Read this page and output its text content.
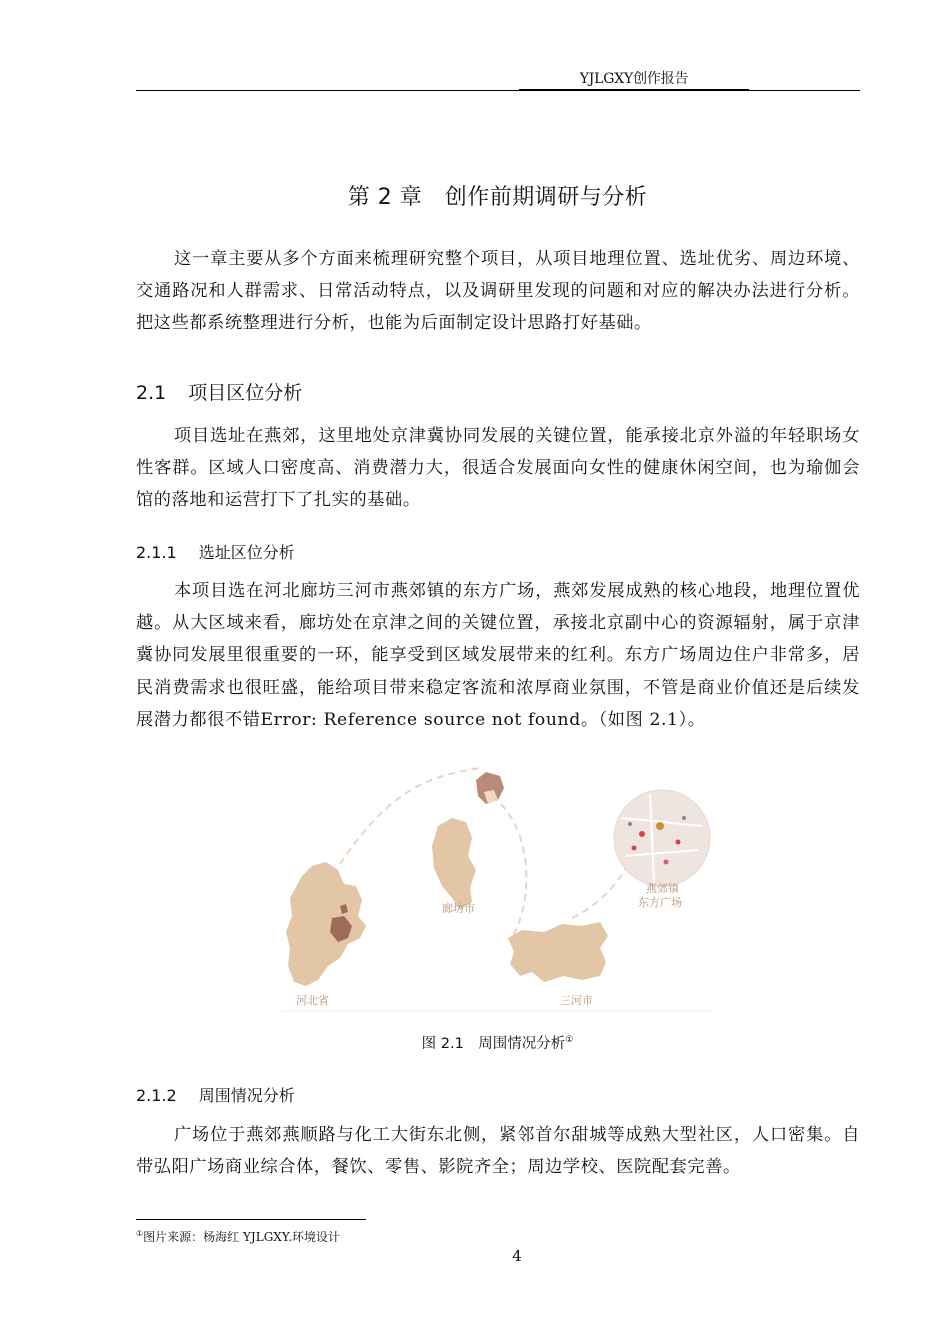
YJLGXY创作报告
第 2 章　创作前期调研与分析

这一章主要从多个方面来梳理研究整个项目，从项目地理位置、选址优劣、周边环境、交通路况和人群需求、日常活动特点，以及调研里发现的问题和对应的解决办法进行分析。把这些都系统整理进行分析，也能为后面制定设计思路打好基础。

2.1 项目区位分析

项目选址在燕郊，这里地处京津冀协同发展的关键位置，能承接北京外溢的年轻职场女性客群。区域人口密度高、消费潜力大，很适合发展面向女性的健康休闲空间，也为瑜伽会馆的落地和运营打下了扎实的基础。

2.1.1 选址区位分析

本项目选在河北廊坊三河市燕郊镇的东方广场，燕郊发展成熟的核心地段，地理位置优越。从大区域来看，廊坊处在京津之间的关键位置，承接北京副中心的资源辐射，属于京津冀协同发展里很重要的一环，能享受到区域发展带来的红利。东方广场周边住户非常多，居民消费需求也很旺盛，能给项目带来稳定客流和浓厚商业氛围，不管是商业价值还是后续发展潜力都很不错Error: Reference source not found。（如图 2.1）。

河北省
廊坊市
三河市
燕郊镇
东方广场
图 2.1　周围情况分析①
2.1.2 周围情况分析

广场位于燕郊燕顺路与化工大街东北侧，紧邻首尔甜城等成熟大型社区，人口密集。自带弘阳广场商业综合体，餐饮、零售、影院齐全；周边学校、医院配套完善。

①图片来源：杨海红 YJLGXY.环境设计
4
